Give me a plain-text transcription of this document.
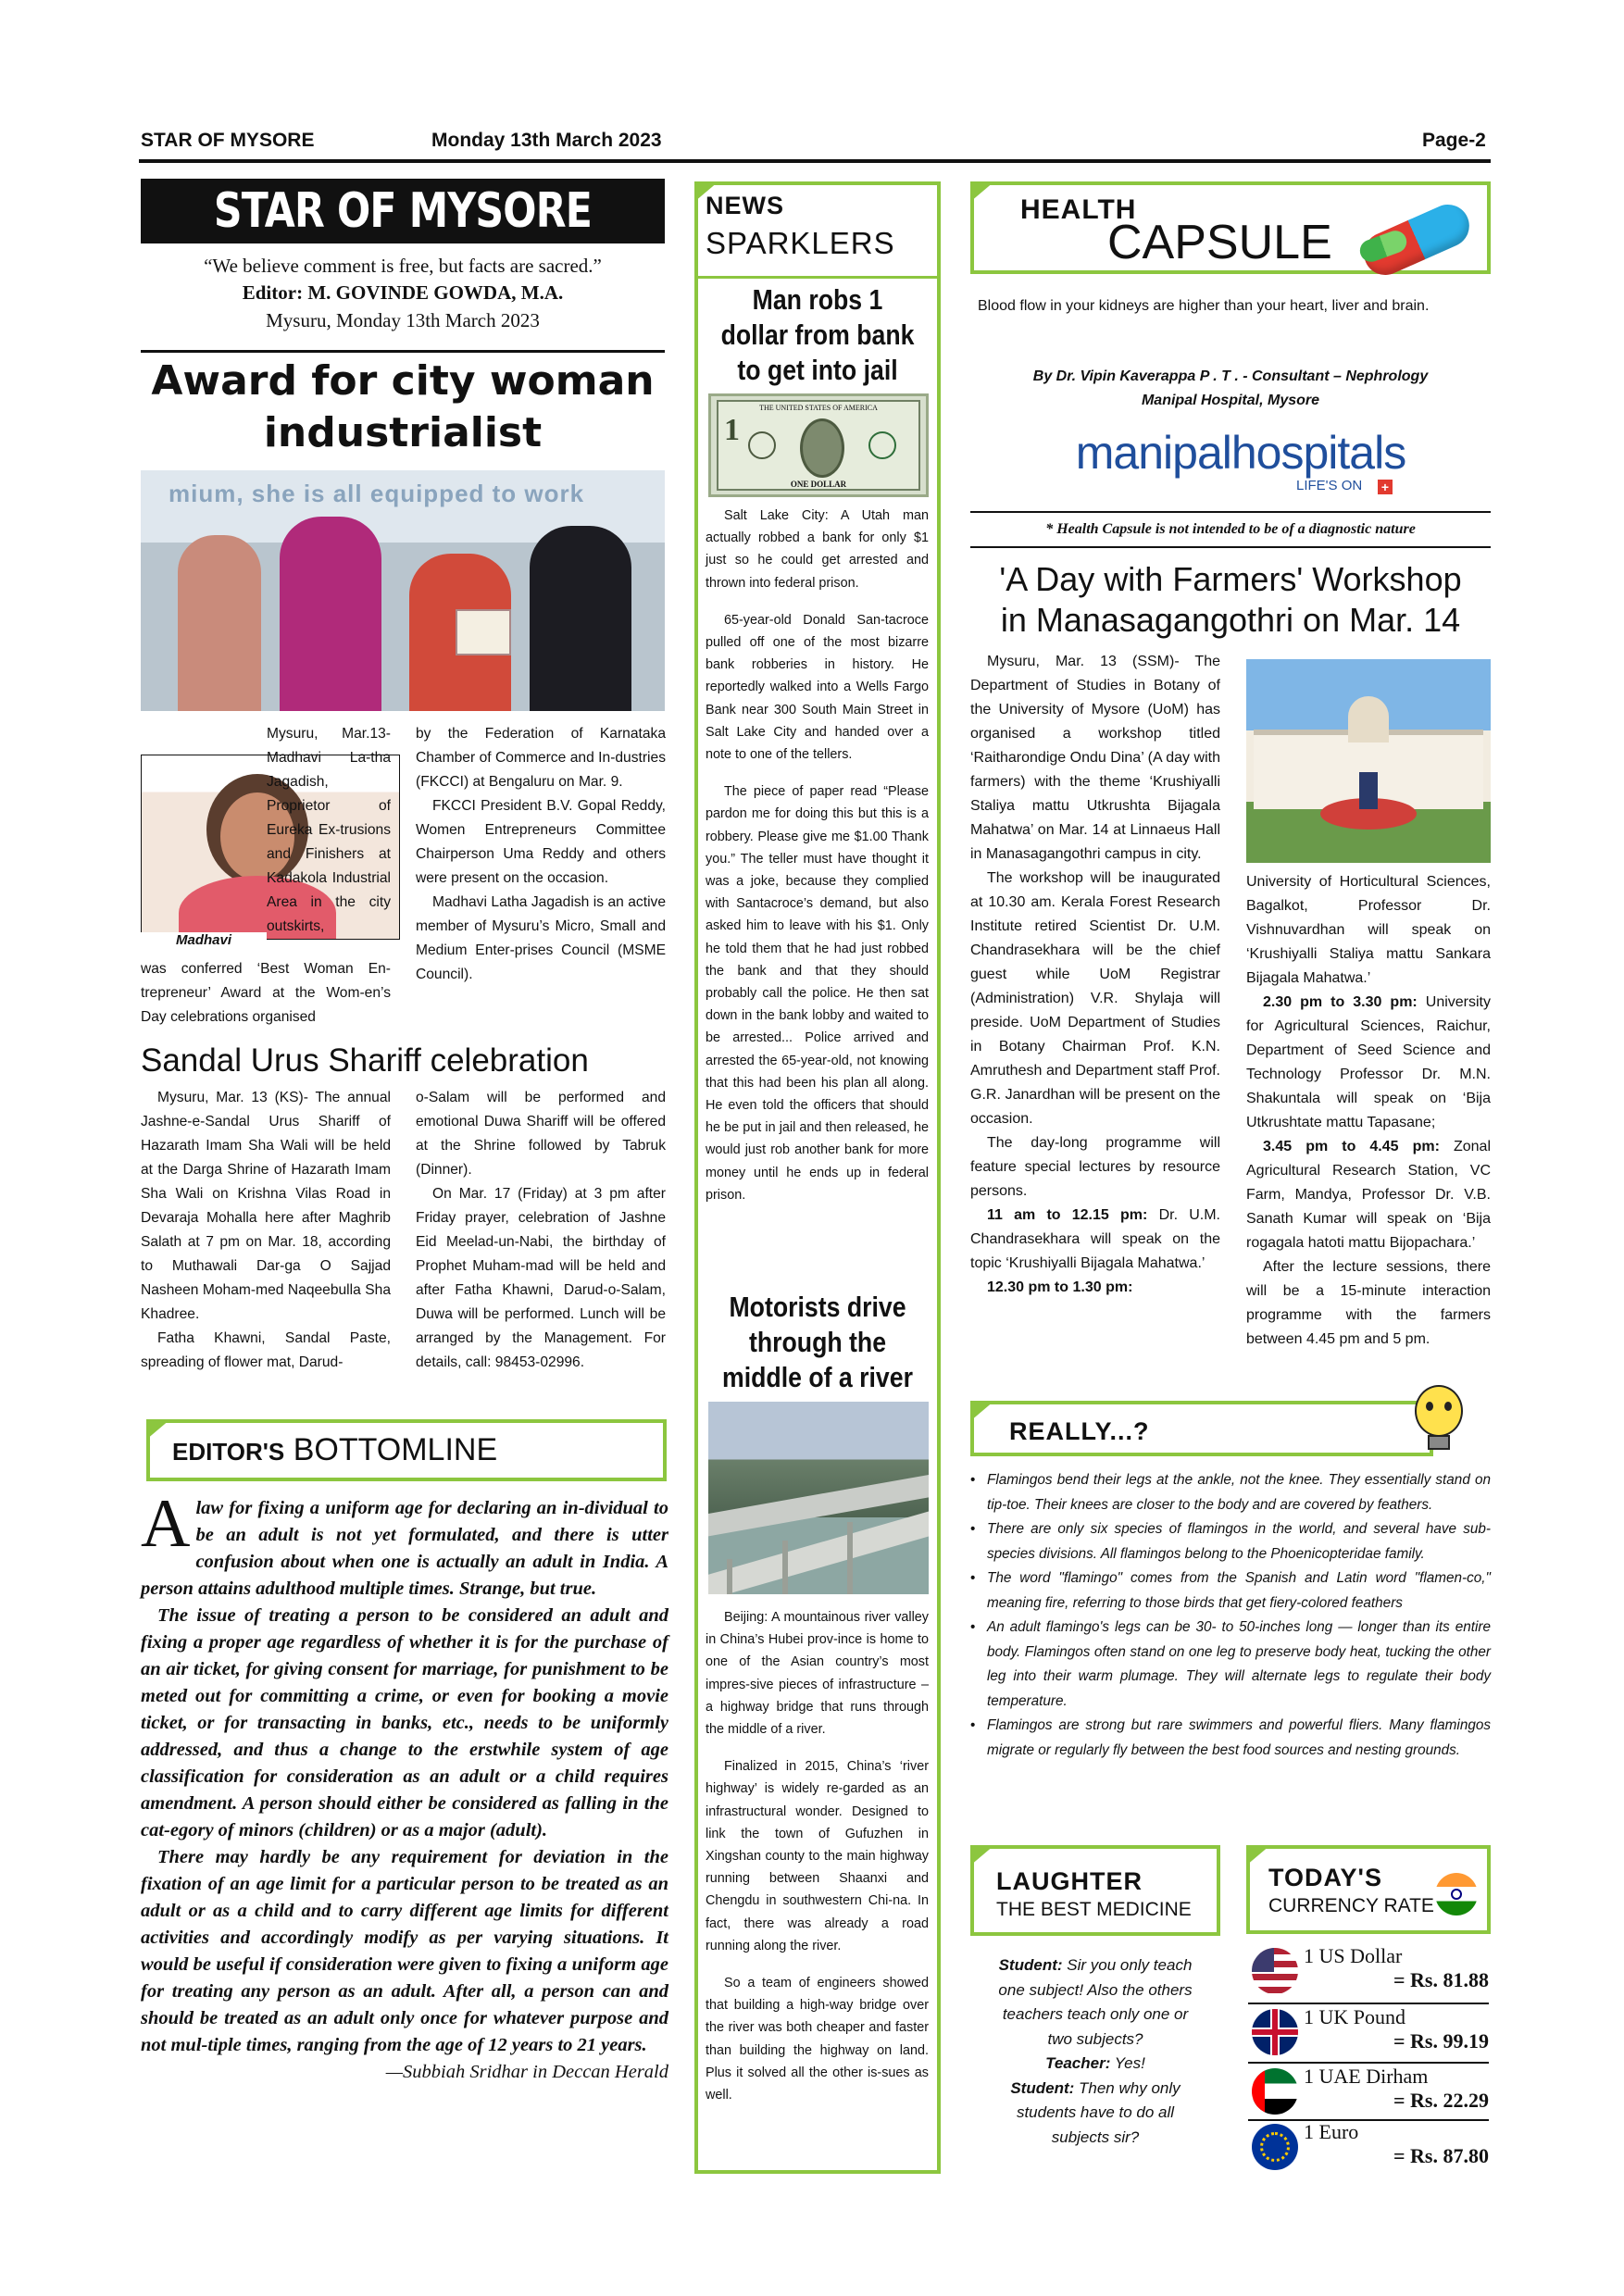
STAR OF MYSORE	Monday 13th March 2023	Page-2
STAR OF MYSORE
“We believe comment is free, but facts are sacred.”
Editor: M. GOVINDE GOWDA, M.A.
Mysuru, Monday 13th March 2023
Award for city woman industrialist
mium, she is all equipped to work
Madhavi
Mysuru, Mar.13- Madhavi La-tha Jagadish, Proprietor of Eureka Ex-trusions and Finishers at Kadakola Industrial Area in the city outskirts,
was conferred ‘Best Woman En-trepreneur’ Award at the Wom-en’s Day celebrations organised

by the Federation of Karnataka Chamber of Commerce and In-dustries (FKCCI) at Bengaluru on Mar. 9.

FKCCI President B.V. Gopal Reddy, Women Entrepreneurs Committee Chairperson Uma Reddy and others were present on the occasion.

Madhavi Latha Jagadish is an active member of Mysuru’s Micro, Small and Medium Enter-prises Council (MSME Council).

Sandal Urus Shariff celebration

Mysuru, Mar. 13 (KS)- The annual Jashne-e-Sandal Urus Shariff of Hazarath Imam Sha Wali will be held at the Darga Shrine of Hazarath Imam Sha Wali on Krishna Vilas Road in Devaraja Mohalla here after Maghrib Salath at 7 pm on Mar. 18, according to Muthawali Dar-ga O Sajjad Nasheen Moham-med Naqeebulla Sha Khadree.

Fatha Khawni, Sandal Paste, spreading of flower mat, Darud-

o-Salam will be performed and emotional Duwa Shariff will be offered at the Shrine followed by Tabruk (Dinner).

On Mar. 17 (Friday) at 3 pm after Friday prayer, celebration of Jashne Eid Meelad-un-Nabi, the birthday of Prophet Muham-mad will be held and after Fatha Khawni, Darud-o-Salam, Duwa will be performed. Lunch will be arranged by the Management. For details, call: 98453-02996.

EDITOR'S BOTTOMLINE

Alaw for fixing a uniform age for declaring an in-dividual to be an adult is not yet formulated, and there is utter confusion about when one is actually an adult in India. A person attains adulthood multiple times. Strange, but true.

The issue of treating a person to be considered an adult and fixing a proper age regardless of whether it is for the purchase of an air ticket, for giving consent for marriage, for punishment to be meted out for committing a crime, or even for booking a movie ticket, or for transacting in banks, etc., needs to be uniformly addressed, and thus a change to the erstwhile system of age classification for consideration as an adult or a child requires amendment. A person should either be considered as falling in the cat-egory of minors (children) or as a major (adult).

There may hardly be any requirement for deviation in the fixation of an age limit for a particular person to be treated as an adult or as a child and to carry different age limits for different activities and accordingly modify as per varying situations. It would be useful if consideration were given to fixing a uniform age for treating any person as an adult. After all, a person can and should be treated as an adult only once for whatever purpose and not mul-tiple times, ranging from the age of 12 years to 21 years.

—Subbiah Sridhar in Deccan Herald

NEWS
SPARKLERS
Man robs 1 dollar from bank to get into jail
THE UNITED STATES OF AMERICA
1
ONE DOLLAR

Salt Lake City: A Utah man actually robbed a bank for only $1 just so he could get arrested and thrown into federal prison.

65-year-old Donald San-tacroce pulled off one of the most bizarre bank robberies in history. He reportedly walked into a Wells Fargo Bank near 300 South Main Street in Salt Lake City and handed over a note to one of the tellers.

The piece of paper read “Please pardon me for doing this but this is a robbery. Please give me $1.00 Thank you.” The teller must have thought it was a joke, because they complied with Santacroce’s demand, but also asked him to leave with his $1. Only he told them that he had just robbed the bank and that they should probably call the police. He then sat down in the bank lobby and waited to be arrested... Police arrived and arrested the 65-year-old, not knowing that this had been his plan all along. He even told the officers that should he be put in jail and then released, he would just rob another bank for more money until he ends up in federal prison.

Motorists drive through the middle of a river

Beijing: A mountainous river valley in China’s Hubei prov-ince is home to one of the Asian country’s most impres-sive pieces of infrastructure – a highway bridge that runs through the middle of a river.

Finalized in 2015, China’s ‘river highway’ is widely re-garded as an infrastructural wonder. Designed to link the town of Gufuzhen in Xingshan county to the main highway running between Shaanxi and Chengdu in southwestern Chi-na. In fact, there was already a road running along the river.

So a team of engineers showed that building a high-way bridge over the river was both cheaper and faster than building the highway on land. Plus it solved all the other is-sues as well.

HEALTH
CAPSULE
Blood flow in your kidneys are higher than your heart, liver and brain.
By Dr. Vipin Kaverappa P . T . - Consultant – Nephrology
Manipal Hospital, Mysore
manipalhospitals
LIFE'S ON +
* Health Capsule is not intended to be of a diagnostic nature
'A Day with Farmers' Workshop
in Manasagangothri on Mar. 14

Mysuru, Mar. 13 (SSM)- The Department of Studies in Botany of the University of Mysore (UoM) has organised a workshop titled ‘Raitharondige Ondu Dina’ (A day with farmers) with the theme ‘Krushiyalli Staliya mattu Utkrushta Bijagala Mahatwa’ on Mar. 14 at Linnaeus Hall in Manasagangothri campus in city.

The workshop will be inaugurated at 10.30 am. Kerala Forest Research Institute retired Scientist Dr. U.M. Chandrasekhara will be the chief guest while UoM Registrar (Administration) V.R. Shylaja will preside. UoM Department of Studies in Botany Chairman Prof. K.N. Amruthesh and Department staff Prof. G.R. Janardhan will be present on the occasion.

The day-long programme will feature special lectures by resource persons.

11 am to 12.15 pm: Dr. U.M. Chandrasekhara will speak on the topic ‘Krushiyalli Bijagala Mahatwa.’

12.30 pm to 1.30 pm:

University of Horticultural Sciences, Bagalkot, Professor Dr. Vishnuvardhan will speak on ‘Krushiyalli Staliya mattu Sankara Bijagala Mahatwa.’

2.30 pm to 3.30 pm: University for Agricultural Sciences, Raichur, Department of Seed Science and Technology Professor Dr. M.N. Shakuntala will speak on ‘Bija Utkrushtate mattu Tapasane;

3.45 pm to 4.45 pm: Zonal Agricultural Research Station, VC Farm, Mandya, Professor Dr. V.B. Sanath Kumar will speak on ‘Bija rogagala hatoti mattu Bijopachara.’

After the lecture sessions, there will be a 15-minute interaction programme with the farmers between 4.45 pm and 5 pm.

REALLY...?
• Flamingos bend their legs at the ankle, not the knee. They essentially stand on tip-toe. Their knees are closer to the body and are covered by feathers.
• There are only six species of flamingos in the world, and several have sub-species divisions. All flamingos belong to the Phoenicopteridae family.
• The word "flamingo" comes from the Spanish and Latin word "flamen-co," meaning fire, referring to those birds that get fiery-colored feathers
• An adult flamingo's legs can be 30- to 50-inches long — longer than its entire body. Flamingos often stand on one leg to preserve body heat, tucking the other leg into their warm plumage. They will alternate legs to regulate their body temperature.
• Flamingos are strong but rare swimmers and powerful fliers. Many flamingos migrate or regularly fly between the best food sources and nesting grounds.
LAUGHTER
THE BEST MEDICINE
Student: Sir you only teach one subject! Also the others teachers teach only one or two subjects?
Teacher: Yes!
Student: Then why only students have to do all subjects sir?
TODAY'S
CURRENCY RATE
1 US Dollar
= Rs. 81.88
1 UK Pound
= Rs. 99.19
1 UAE Dirham
= Rs. 22.29
1 Euro
= Rs. 87.80
